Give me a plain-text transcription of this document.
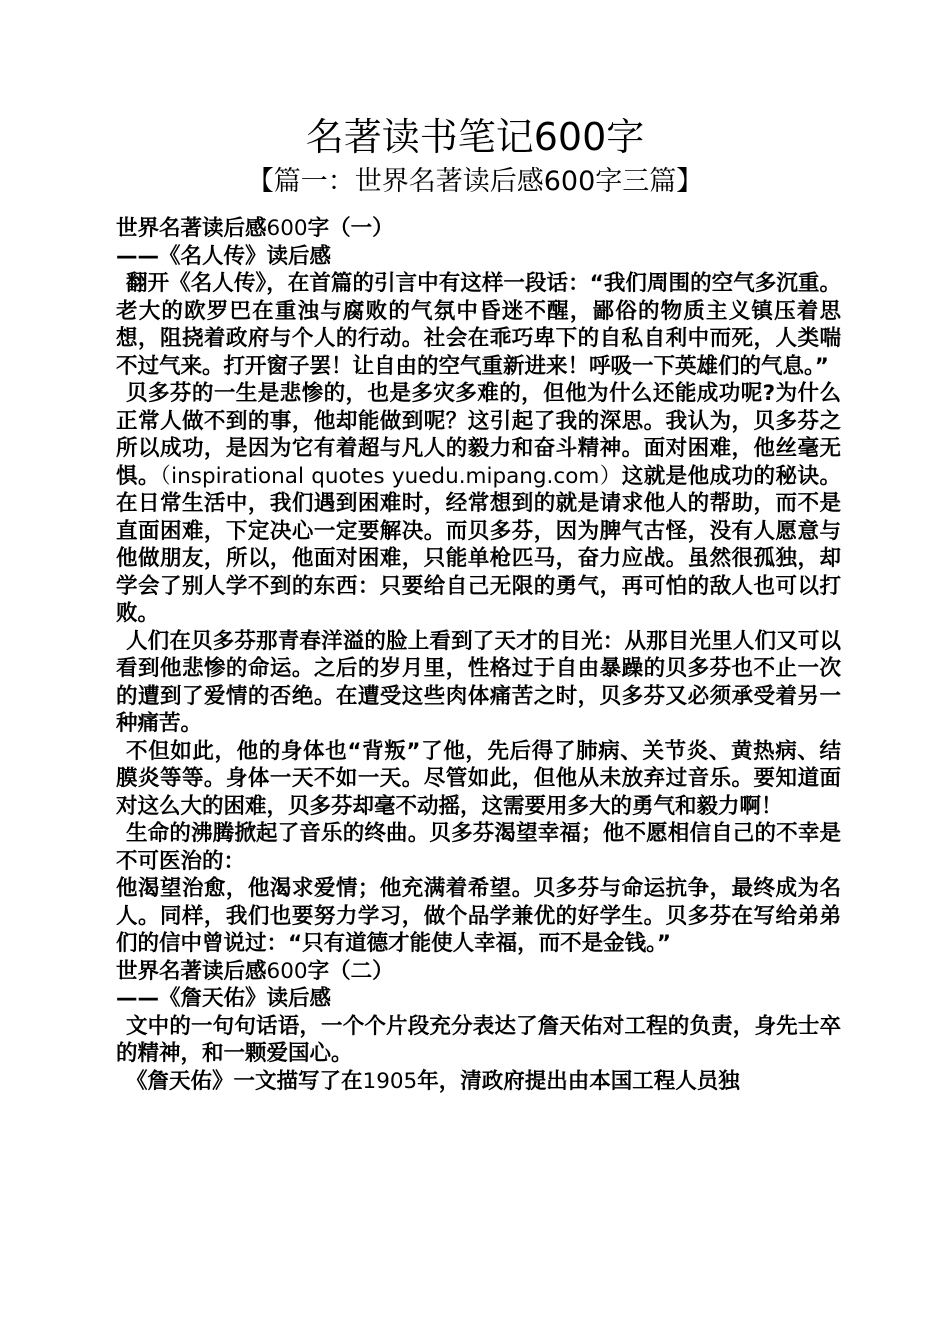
名著读书笔记600字
【篇一：世界名著读后感600字三篇】

世界名著读后感600字（一）

——《名人传》读后感

翻开《名人传》，在首篇的引言中有这样一段话：“我们周围的空气多沉重。老大的欧罗巴在重浊与腐败的气氛中昏迷不醒，鄙俗的物质主义镇压着思想，阻挠着政府与个人的行动。社会在乖巧卑下的自私自利中而死，人类喘不过气来。打开窗子罢！让自由的空气重新进来！呼吸一下英雄们的气息。”

贝多芬的一生是悲惨的，也是多灾多难的，但他为什么还能成功呢?为什么正常人做不到的事，他却能做到呢？这引起了我的深思。我认为，贝多芬之所以成功，是因为它有着超与凡人的毅力和奋斗精神。面对困难，他丝毫无惧。（inspirational quotes yuedu.mipang.com）这就是他成功的秘诀。在日常生活中，我们遇到困难时，经常想到的就是请求他人的帮助，而不是直面困难，下定决心一定要解决。而贝多芬，因为脾气古怪，没有人愿意与他做朋友，所以，他面对困难，只能单枪匹马，奋力应战。虽然很孤独，却学会了别人学不到的东西：只要给自己无限的勇气，再可怕的敌人也可以打败。

人们在贝多芬那青春洋溢的脸上看到了天才的目光：从那目光里人们又可以看到他悲惨的命运。之后的岁月里，性格过于自由暴躁的贝多芬也不止一次的遭到了爱情的否绝。在遭受这些肉体痛苦之时，贝多芬又必须承受着另一种痛苦。

不但如此，他的身体也“背叛”了他，先后得了肺病、关节炎、黄热病、结膜炎等等。身体一天不如一天。尽管如此，但他从未放弃过音乐。要知道面对这么大的困难，贝多芬却毫不动摇，这需要用多大的勇气和毅力啊！

生命的沸腾掀起了音乐的终曲。贝多芬渴望幸福；他不愿相信自己的不幸是不可医治的：

他渴望治愈，他渴求爱情；他充满着希望。贝多芬与命运抗争，最终成为名人。同样，我们也要努力学习，做个品学兼优的好学生。贝多芬在写给弟弟们的信中曾说过：“只有道德才能使人幸福，而不是金钱。”

世界名著读后感600字（二）

——《詹天佑》读后感

文中的一句句话语，一个个片段充分表达了詹天佑对工程的负责，身先士卒的精神，和一颗爱国心。

《詹天佑》一文描写了在1905年，清政府提出由本国工程人员独
